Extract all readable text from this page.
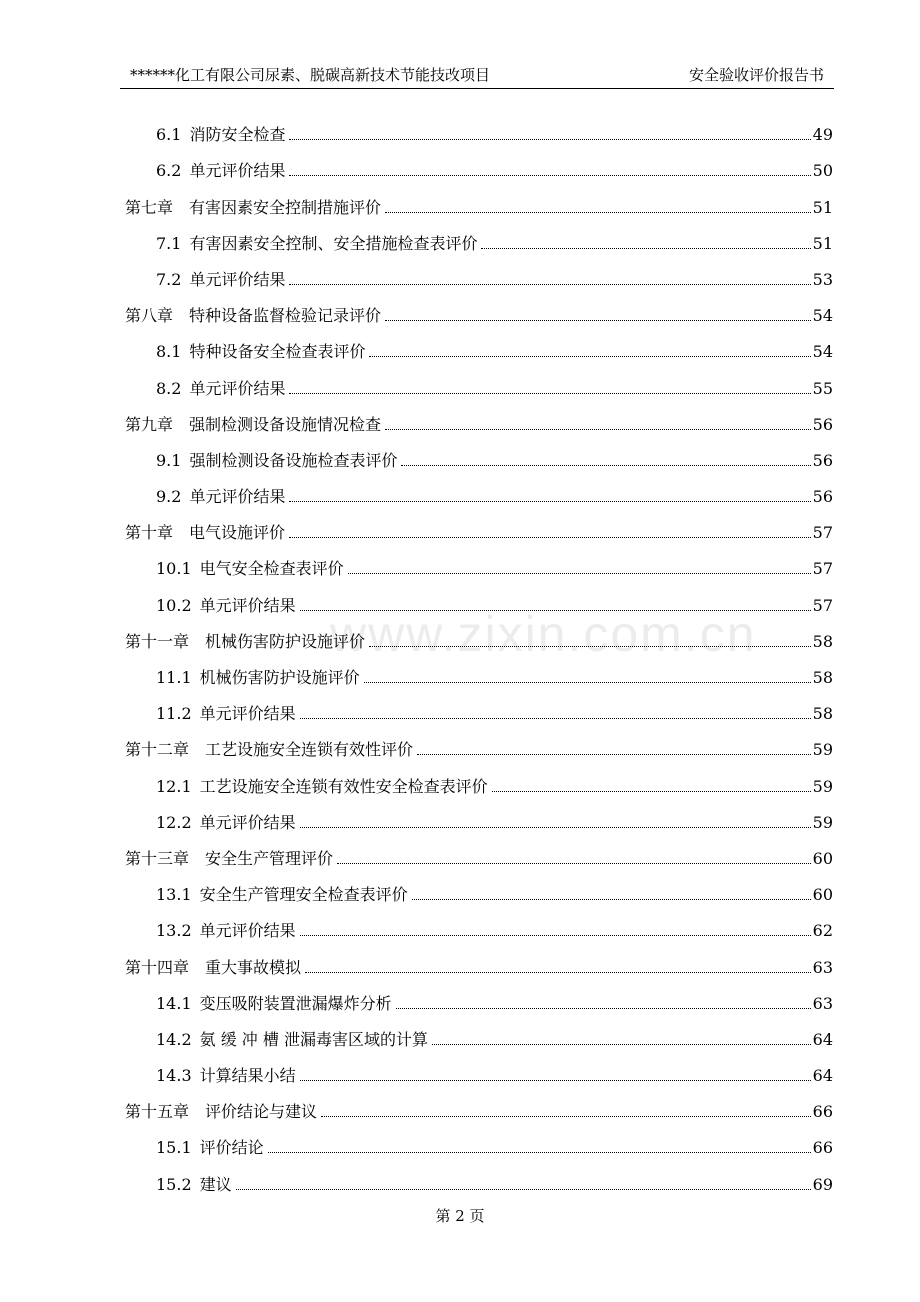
******化工有限公司尿素、脱碳高新技术节能技改项目	安全验收评价报告书
www.zixin.com.cn
6.1 消防安全检查	49
6.2 单元评价结果	50
第七章 有害因素安全控制措施评价	51
7.1 有害因素安全控制、安全措施检查表评价	51
7.2 单元评价结果	53
第八章 特种设备监督检验记录评价	54
8.1 特种设备安全检查表评价	54
8.2 单元评价结果	55
第九章 强制检测设备设施情况检查	56
9.1 强制检测设备设施检查表评价	56
9.2 单元评价结果	56
第十章 电气设施评价	57
10.1 电气安全检查表评价	57
10.2 单元评价结果	57
第十一章 机械伤害防护设施评价	58
11.1 机械伤害防护设施评价	58
11.2 单元评价结果	58
第十二章 工艺设施安全连锁有效性评价	59
12.1 工艺设施安全连锁有效性安全检查表评价	59
12.2 单元评价结果	59
第十三章 安全生产管理评价	60
13.1 安全生产管理安全检查表评价	60
13.2 单元评价结果	62
第十四章 重大事故模拟	63
14.1 变压吸附装置泄漏爆炸分析	63
14.2 氨 缓 冲 槽 泄漏毒害区域的计算	64
14.3 计算结果小结	64
第十五章 评价结论与建议	66
15.1 评价结论	66
15.2 建议	69
第 2 页
